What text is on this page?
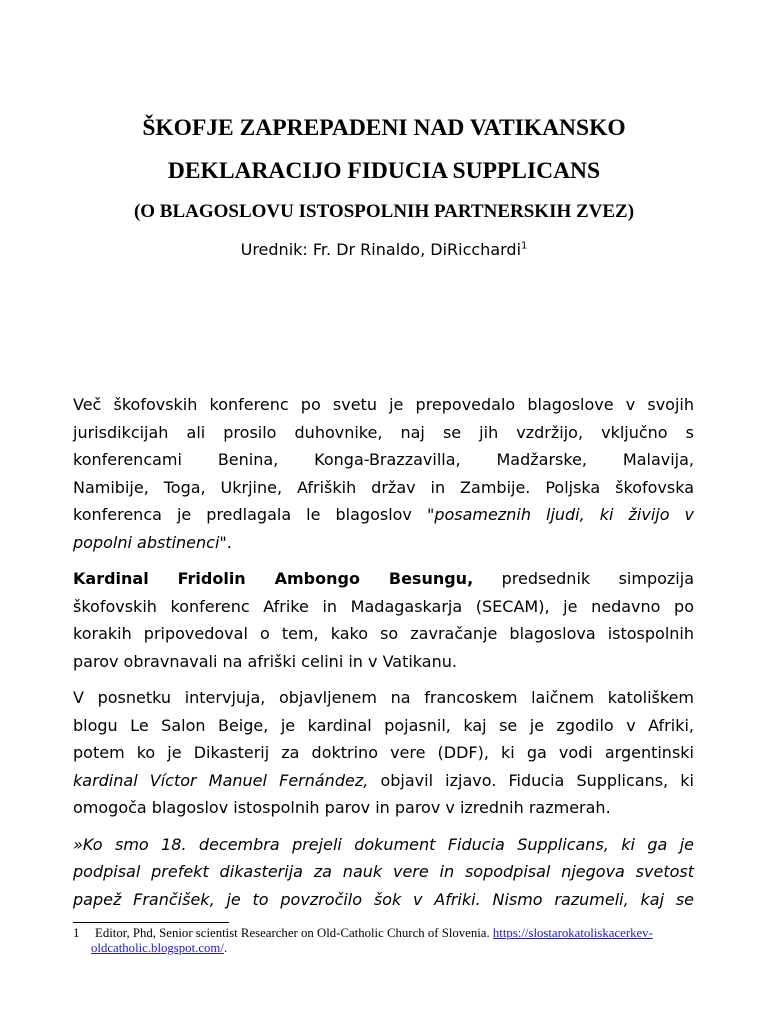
ŠKOFJE ZAPREPADENI NAD VATIKANSKO
DEKLARACIJO FIDUCIA SUPPLICANS
(O BLAGOSLOVU ISTOSPOLNIH PARTNERSKIH ZVEZ)
Urednik: Fr. Dr Rinaldo, DiRicchardi$^1$
Več škofovskih konferenc po svetu je prepovedalo blagoslove v svojih
jurisdikcijah ali prosilo duhovnike, naj se jih vzdržijo, vključno s
konferencami Benina, Konga-Brazzavilla, Madžarske, Malavija,
Namibije, Toga, Ukrjine, Afriških držav in Zambije. Poljska škofovska
konferenca je predlagala le blagoslov "posameznih ljudi, ki živijo v
popolni abstinenci".
Kardinal Fridolin Ambongo Besungu, predsednik simpozija
škofovskih konferenc Afrike in Madagaskarja (SECAM), je nedavno po
korakih pripovedoval o tem, kako so zavračanje blagoslova istospolnih
parov obravnavali na afriški celini in v Vatikanu.
V posnetku intervjuja, objavljenem na francoskem laičnem katoliškem
blogu Le Salon Beige, je kardinal pojasnil, kaj se je zgodilo v Afriki,
potem ko je Dikasterij za doktrino vere (DDF), ki ga vodi argentinski
kardinal Víctor Manuel Fernández, objavil izjavo. Fiducia Supplicans, ki
omogoča blagoslov istospolnih parov in parov v izrednih razmerah.
»Ko smo 18. decembra prejeli dokument Fiducia Supplicans, ki ga je
podpisal prefekt dikasterija za nauk vere in sopodpisal njegova svetost
papež Frančišek, je to povzročilo šok v Afriki. Nismo razumeli, kaj se
1 Editor, Phd, Senior scientist Researcher on Old-Catholic Church of Slovenia. https://slostarokatoliskacerkev-
oldcatholic.blogspot.com/.
